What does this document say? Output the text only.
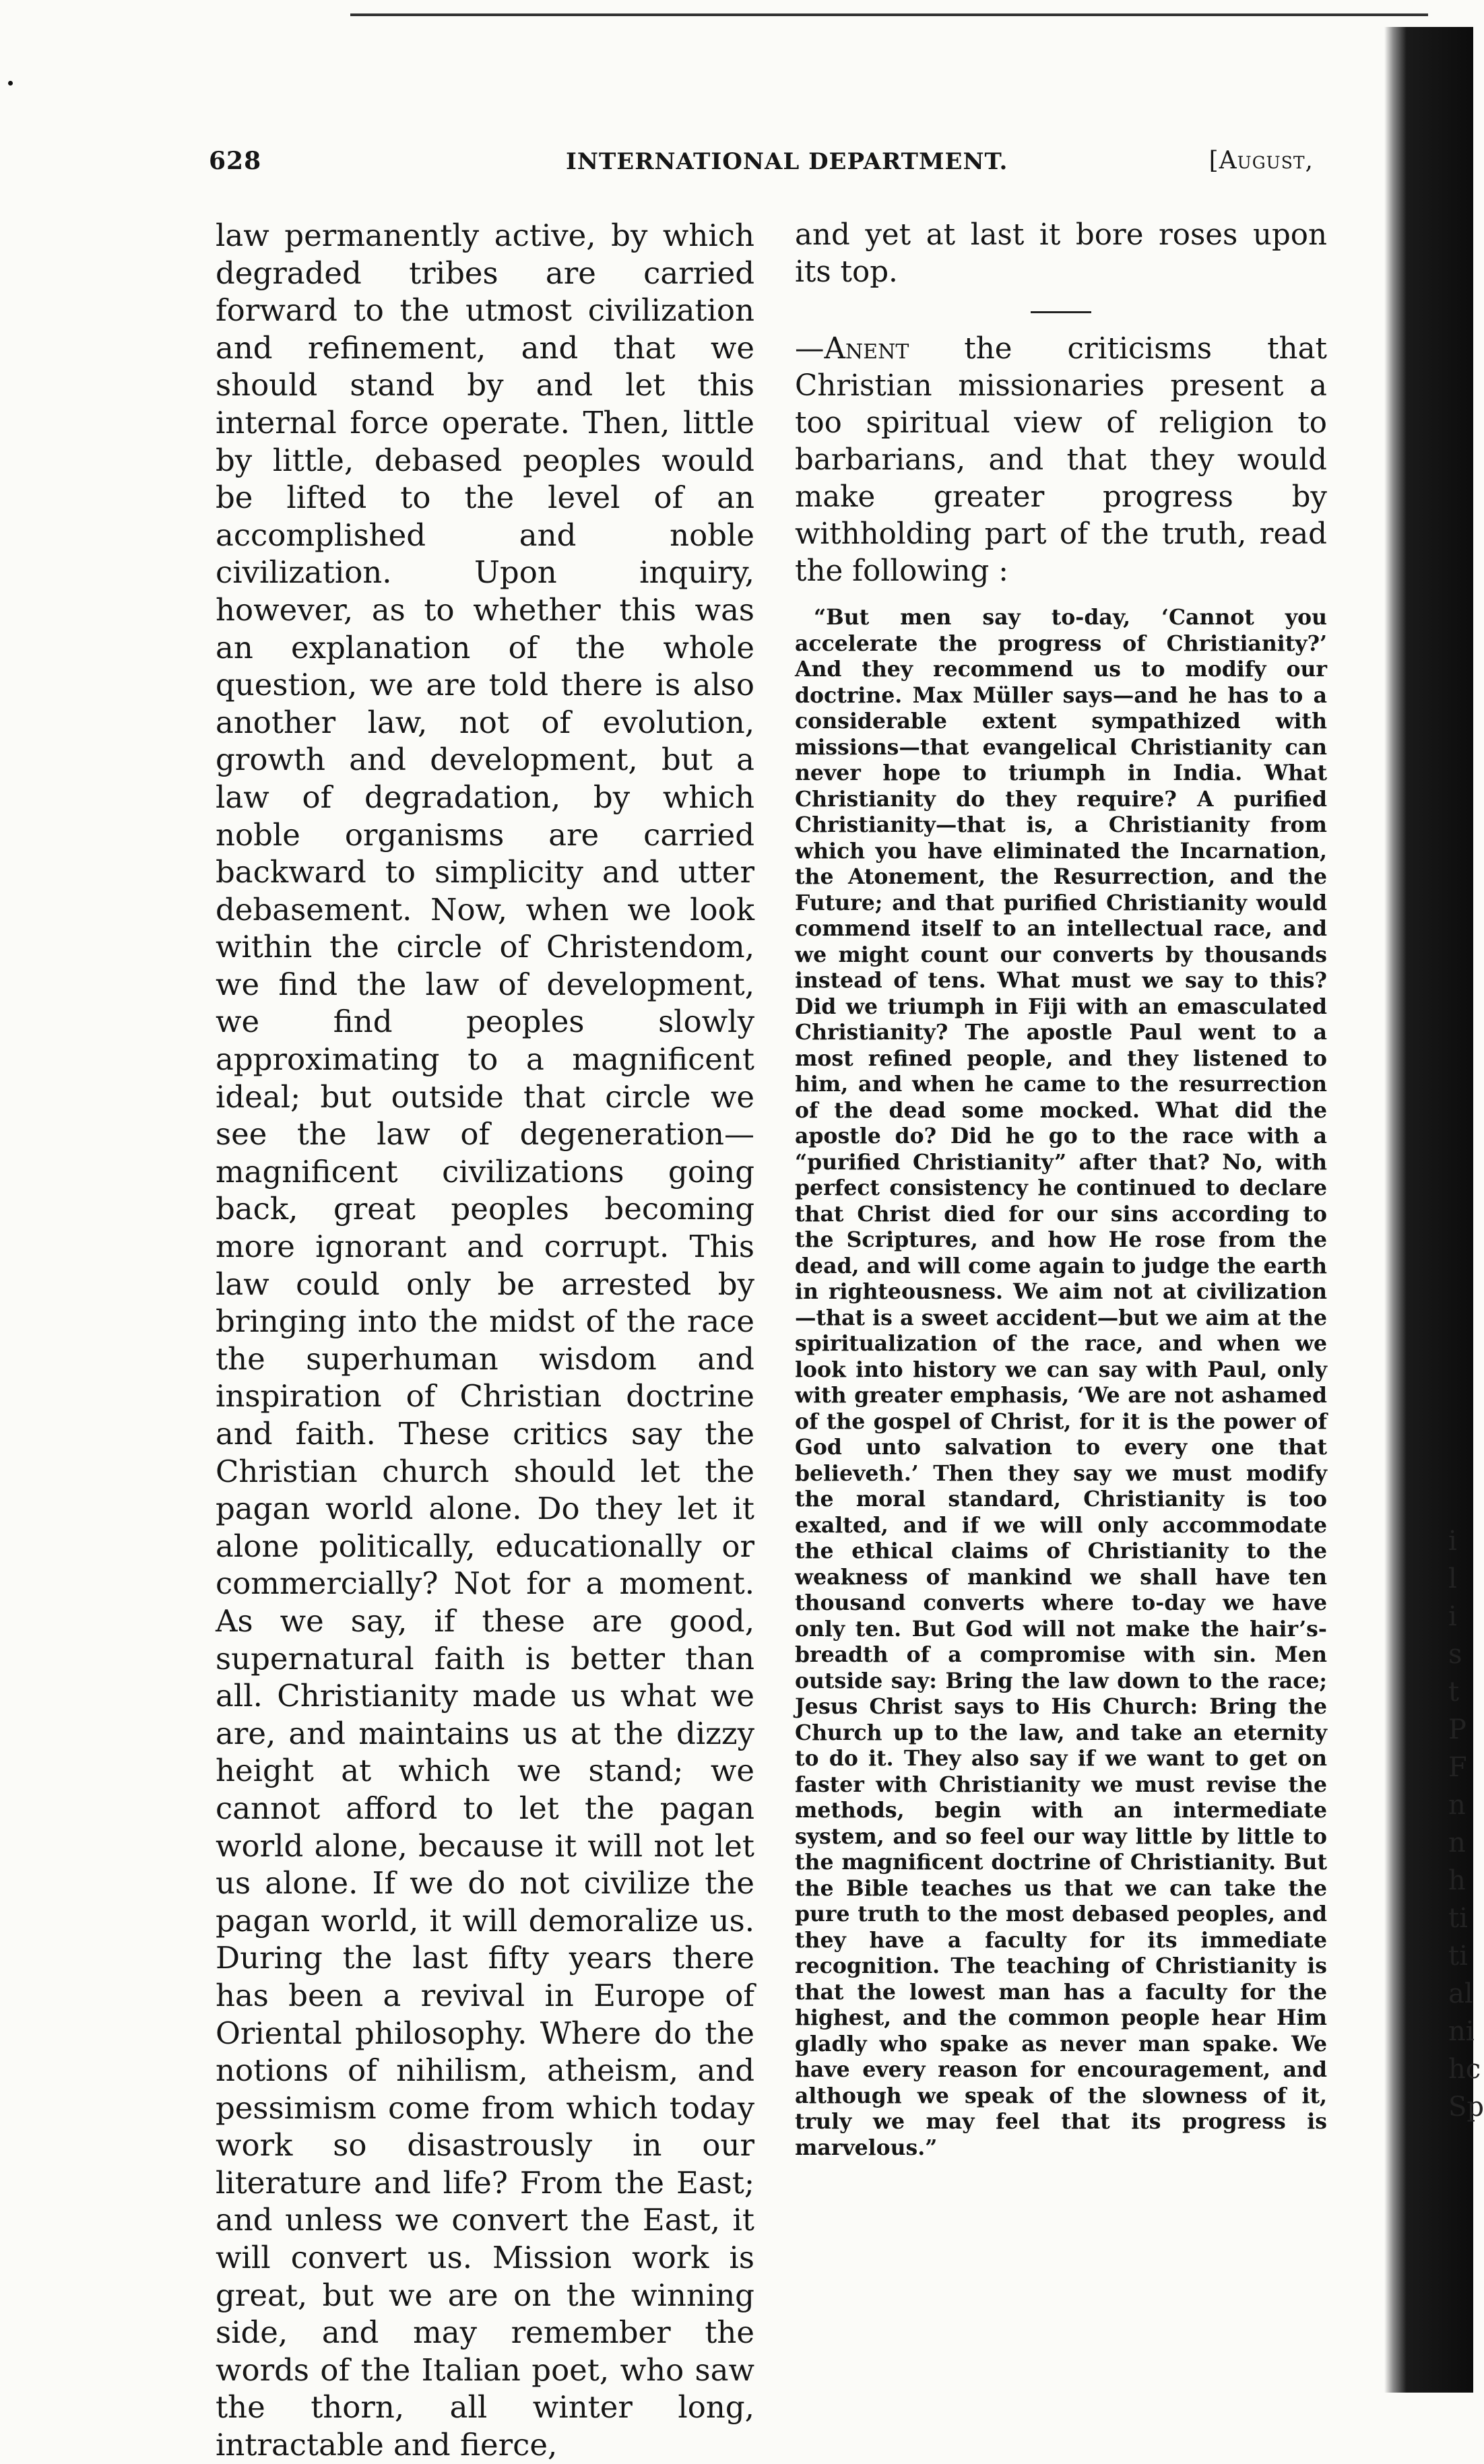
628	INTERNATIONAL DEPARTMENT.	[August,

law permanently active, by which degraded tribes are carried forward to the utmost civilization and refinement, and that we should stand by and let this internal force operate. Then, little by little, debased peoples would be lifted to the level of an accomplished and noble civilization. Upon inquiry, however, as to whether this was an explanation of the whole question, we are told there is also another law, not of evolution, growth and development, but a law of degradation, by which noble organisms are carried backward to simplicity and utter debasement. Now, when we look within the circle of Christendom, we find the law of development, we find peoples slowly approximating to a magnificent ideal; but outside that circle we see the law of degeneration—magnificent civilizations going back, great peoples becoming more ignorant and corrupt. This law could only be arrested by bringing into the midst of the race the superhuman wisdom and inspiration of Christian doctrine and faith. These critics say the Christian church should let the pagan world alone. Do they let it alone politically, educationally or commercially? Not for a moment. As we say, if these are good, supernatural faith is better than all. Christianity made us what we are, and maintains us at the dizzy height at which we stand; we cannot afford to let the pagan world alone, because it will not let us alone. If we do not civilize the pagan world, it will demoralize us. During the last fifty years there has been a revival in Europe of Oriental philosophy. Where do the notions of nihilism, atheism, and pessimism come from which today work so disastrously in our literature and life? From the East; and unless we convert the East, it will convert us. Mission work is great, but we are on the winning side, and may remember the words of the Italian poet, who saw the thorn, all winter long, intractable and fierce,

and yet at last it bore roses upon its top.

—Anent the criticisms that Christian missionaries present a too spiritual view of religion to barbarians, and that they would make greater progress by withholding part of the truth, read the following :

“But men say to-day, ‘Cannot you accelerate the progress of Christianity?’ And they recommend us to modify our doctrine. Max Müller says—and he has to a considerable extent sympathized with missions—that evangelical Christianity can never hope to triumph in India. What Christianity do they require? A purified Christianity—that is, a Christianity from which you have eliminated the Incarnation, the Atonement, the Resurrection, and the Future; and that purified Christianity would commend itself to an intellectual race, and we might count our converts by thousands instead of tens. What must we say to this? Did we triumph in Fiji with an emasculated Christianity? The apostle Paul went to a most refined people, and they listened to him, and when he came to the resurrection of the dead some mocked. What did the apostle do? Did he go to the race with a “purified Christianity” after that? No, with perfect consistency he continued to declare that Christ died for our sins according to the Scriptures, and how He rose from the dead, and will come again to judge the earth in righteousness. We aim not at civilization—that is a sweet accident—but we aim at the spiritualization of the race, and when we look into history we can say with Paul, only with greater emphasis, ‘We are not ashamed of the gospel of Christ, for it is the power of God unto salvation to every one that believeth.’ Then they say we must modify the moral standard, Christianity is too exalted, and if we will only accommodate the ethical claims of Christianity to the weakness of mankind we shall have ten thousand converts where to-day we have only ten. But God will not make the hair’s-breadth of a compromise with sin. Men outside say: Bring the law down to the race; Jesus Christ says to His Church: Bring the Church up to the law, and take an eternity to do it. They also say if we want to get on faster with Christianity we must revise the methods, begin with an intermediate system, and so feel our way little by little to the magnificent doctrine of Christianity. But the Bible teaches us that we can take the pure truth to the most debased peoples, and they have a faculty for its immediate recognition. The teaching of Christianity is that the lowest man has a faculty for the highest, and the common people hear Him gladly who spake as never man spake. We have every reason for encouragement, and although we speak of the slowness of it, truly we may feel that its progress is marvelous.”

i
l
i
s
t
P
F
n
n
h
ti
ti
al
ni
hc
Sp
